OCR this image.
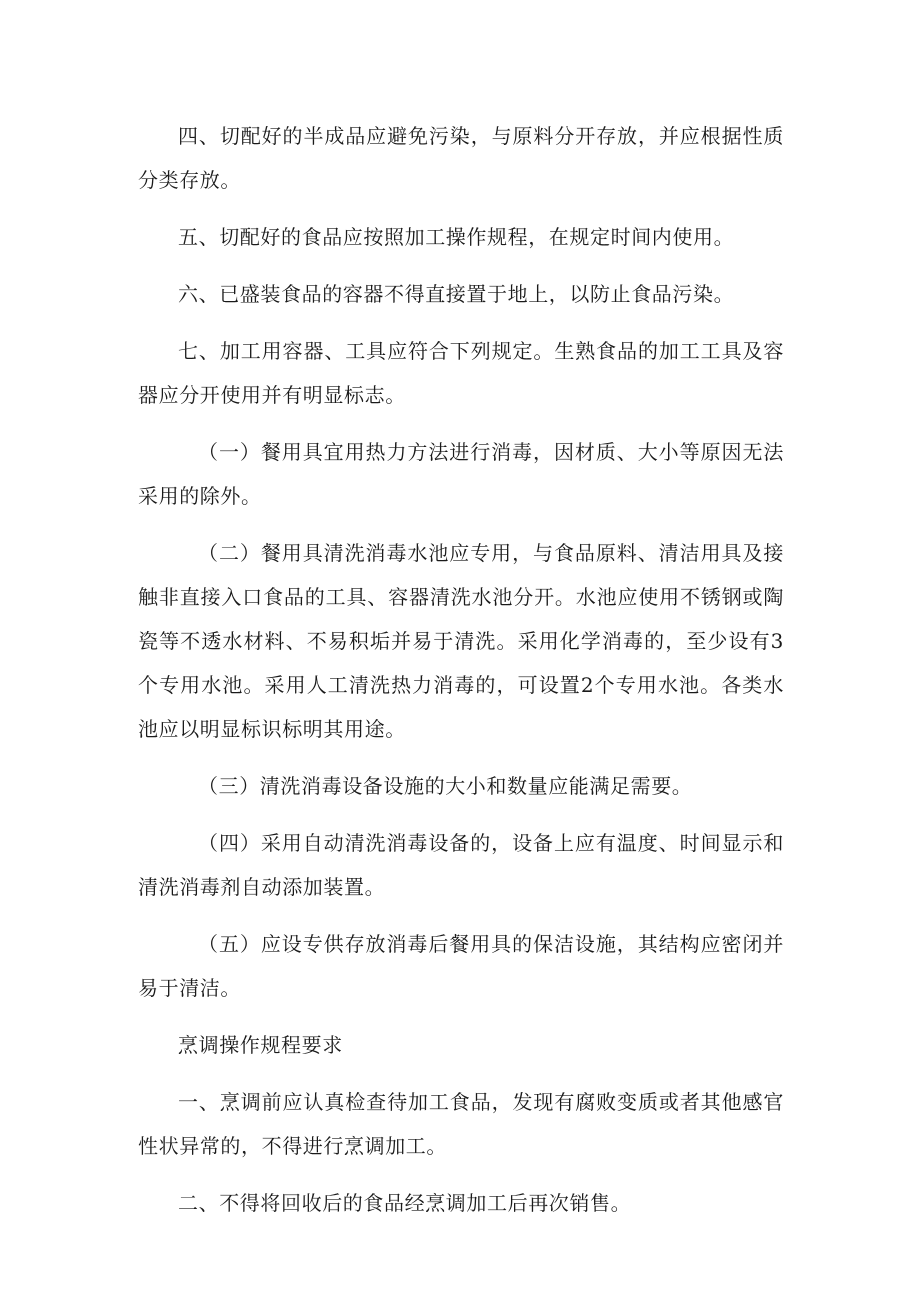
四、切配好的半成品应避免污染，与原料分开存放，并应根据性质分类存放。

五、切配好的食品应按照加工操作规程，在规定时间内使用。

六、已盛装食品的容器不得直接置于地上，以防止食品污染。

七、加工用容器、工具应符合下列规定。生熟食品的加工工具及容器应分开使用并有明显标志。

（一）餐用具宜用热力方法进行消毒，因材质、大小等原因无法采用的除外。

（二）餐用具清洗消毒水池应专用，与食品原料、清洁用具及接触非直接入口食品的工具、容器清洗水池分开。水池应使用不锈钢或陶瓷等不透水材料、不易积垢并易于清洗。采用化学消毒的，至少设有3个专用水池。采用人工清洗热力消毒的，可设置2个专用水池。各类水池应以明显标识标明其用途。

（三）清洗消毒设备设施的大小和数量应能满足需要。

（四）采用自动清洗消毒设备的，设备上应有温度、时间显示和清洗消毒剂自动添加装置。

（五）应设专供存放消毒后餐用具的保洁设施，其结构应密闭并易于清洁。

烹调操作规程要求

一、烹调前应认真检查待加工食品，发现有腐败变质或者其他感官性状异常的，不得进行烹调加工。

二、不得将回收后的食品经烹调加工后再次销售。
